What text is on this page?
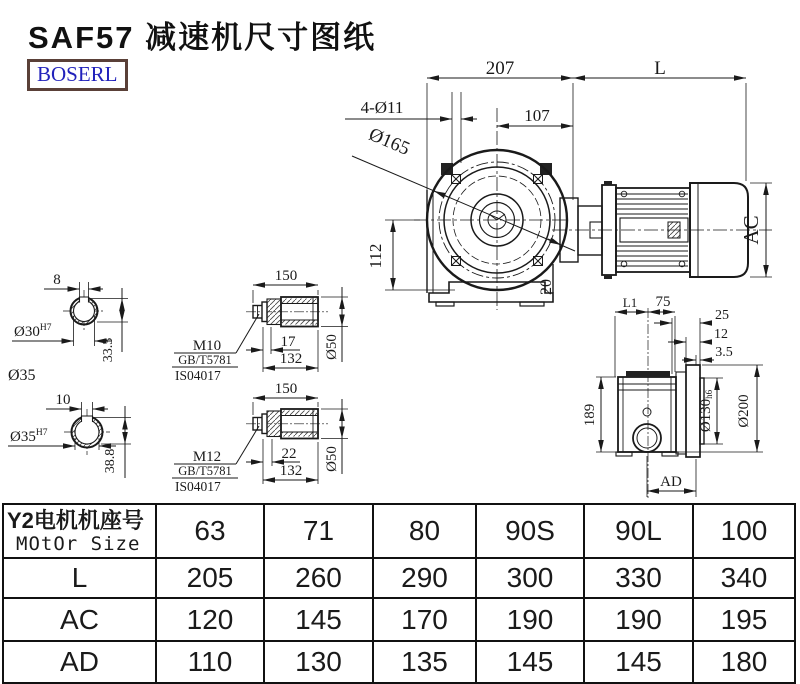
SAF57 减速机尺寸图纸
BOSERL	207	L
4-Ø11	107
Ø165
112
AC
20
8
$Ø30^{H7}$
33.3
Ø35
10
$Ø35^{H7}$
38.8
150
17
132 Ø50
M10
GB/T5781
IS04017
150
22
132 Ø50
M12
GB/T5781
IS04017
L1 75
25
12
3.5
189	Ø130h6 Ø200
AD
Y2电机机座号
MOtOr Size	63	71	80	90S	90L	100
L	205	260	290	300	330	340
AC	120	145	170	190	190	195
AD	110	130	135	145	145	180
